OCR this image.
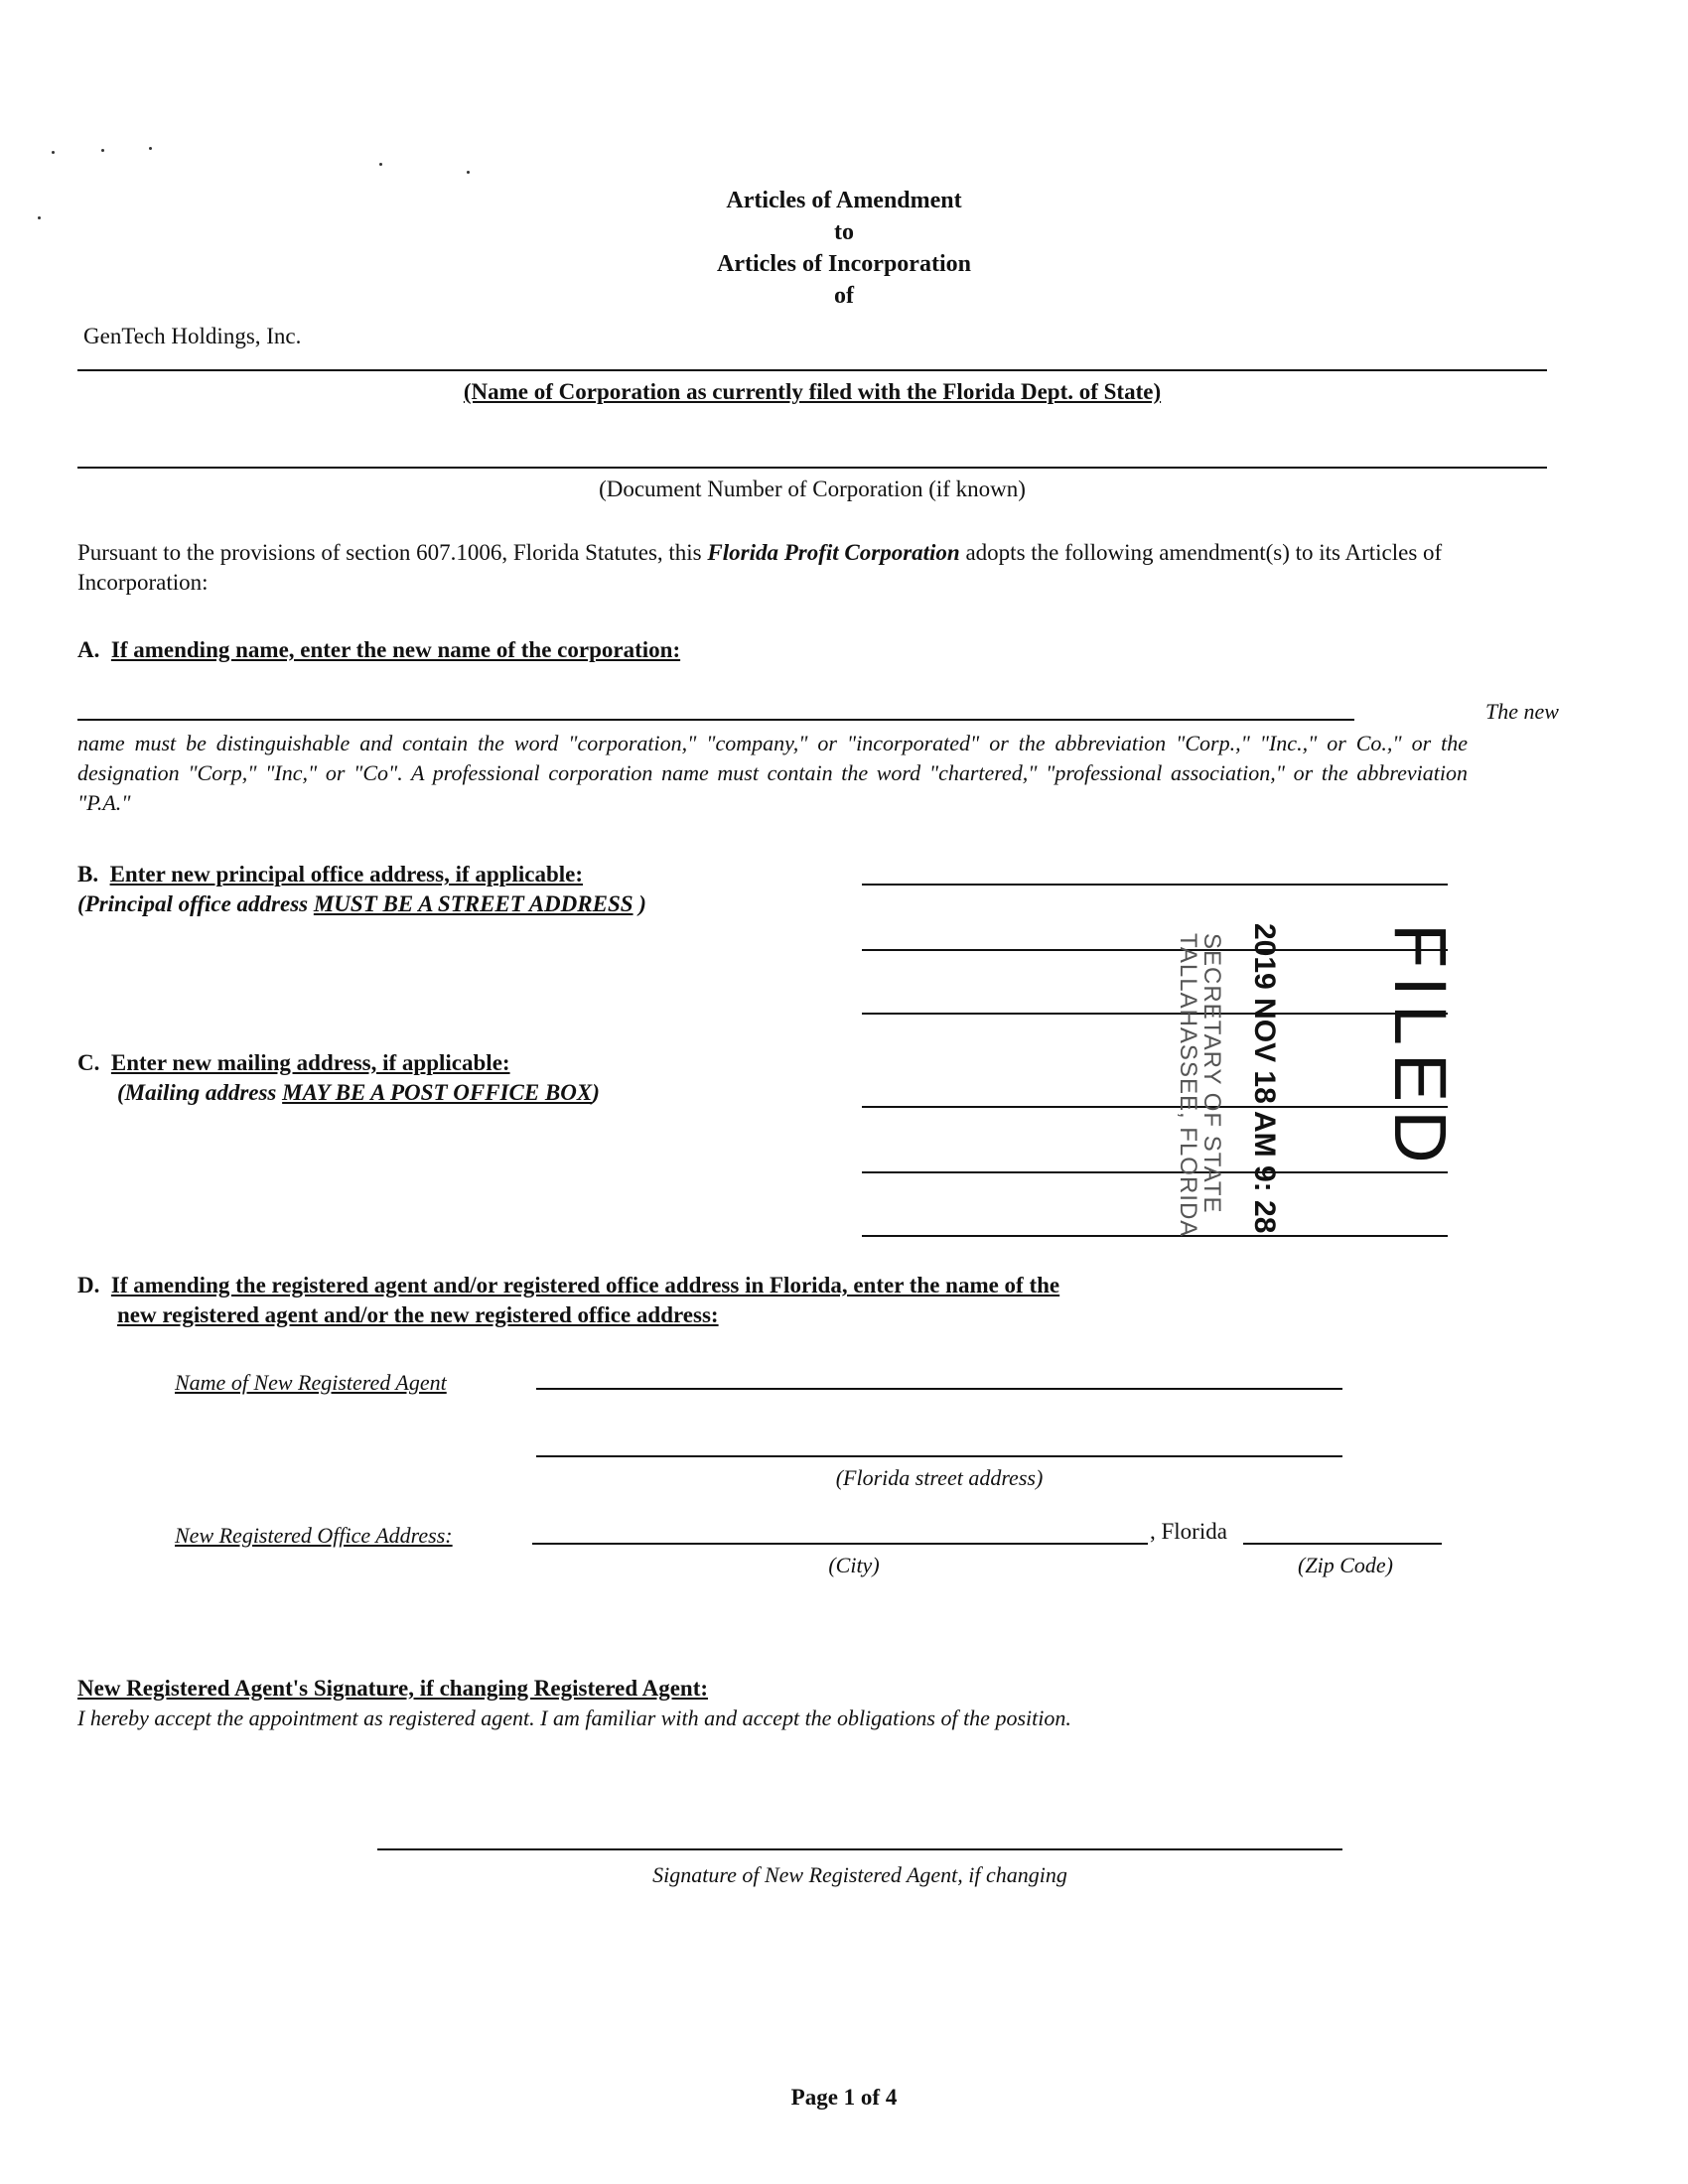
Articles of Amendment
to
Articles of Incorporation
of
GenTech Holdings, Inc.
(Name of Corporation as currently filed with the Florida Dept. of State)
(Document Number of Corporation (if known)
Pursuant to the provisions of section 607.1006, Florida Statutes, this Florida Profit Corporation adopts the following amendment(s) to its Articles of Incorporation:
A. If amending name, enter the new name of the corporation:
The new
name must be distinguishable and contain the word "corporation," "company," or "incorporated" or the abbreviation "Corp.," "Inc.," or Co.," or the designation "Corp," "Inc," or "Co". A professional corporation name must contain the word "chartered," "professional association," or the abbreviation "P.A."
B. Enter new principal office address, if applicable:
(Principal office address MUST BE A STREET ADDRESS )
C. Enter new mailing address, if applicable:
(Mailing address MAY BE A POST OFFICE BOX)	FILED
2019 NOV 18 AM 9: 28
SECRETARY OF STATE
TALLAHASSEE, FLORIDA
D. If amending the registered agent and/or registered office address in Florida, enter the name of the
new registered agent and/or the new registered office address:
Name of New Registered Agent
(Florida street address)
New Registered Office Address:	, Florida
(City)	(Zip Code)
New Registered Agent's Signature, if changing Registered Agent:
I hereby accept the appointment as registered agent. I am familiar with and accept the obligations of the position.
Signature of New Registered Agent, if changing
Page 1 of 4
